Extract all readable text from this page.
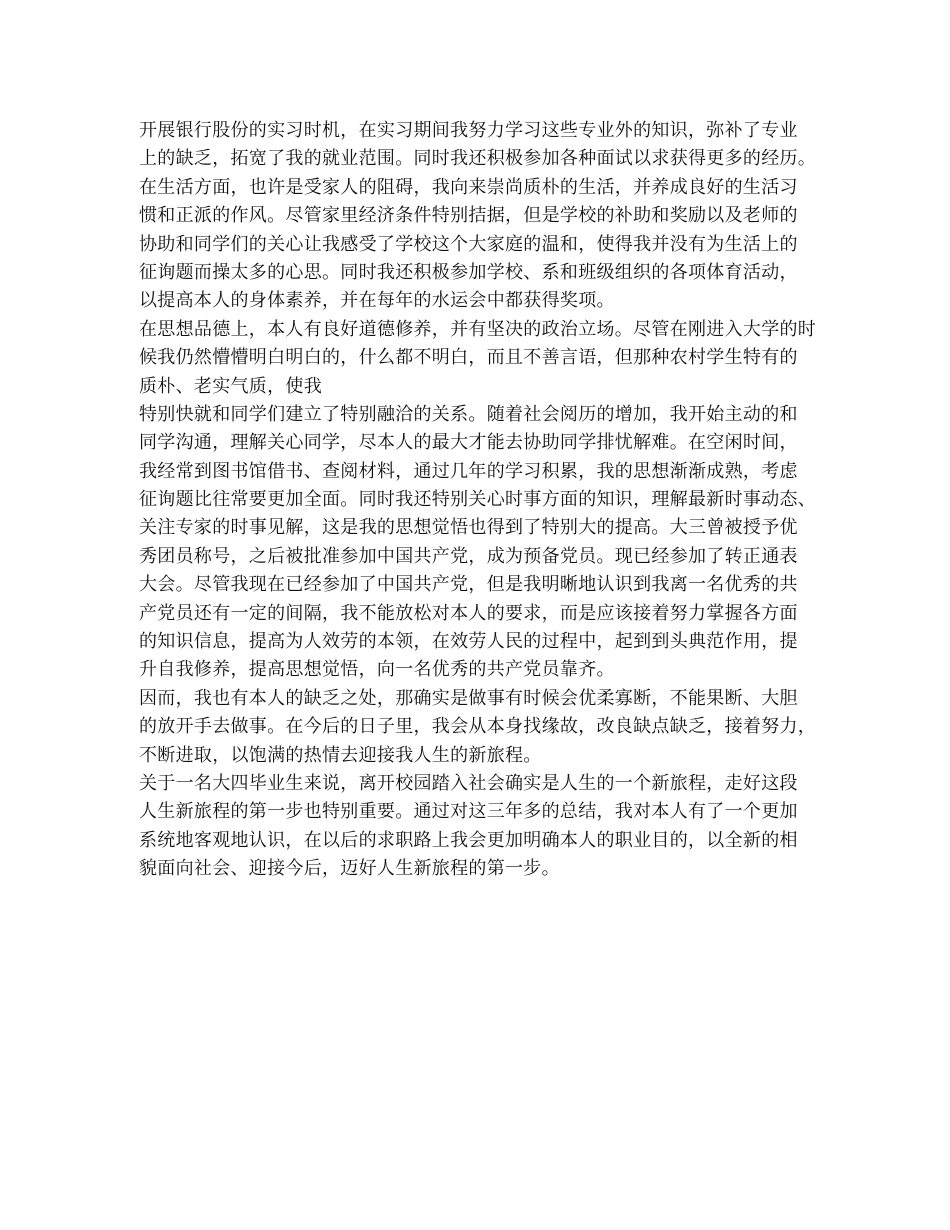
开展银行股份的实习时机，在实习期间我努力学习这些专业外的知识，弥补了专业
上的缺乏，拓宽了我的就业范围。同时我还积极参加各种面试以求获得更多的经历。
在生活方面，也许是受家人的阻碍，我向来崇尚质朴的生活，并养成良好的生活习
惯和正派的作风。尽管家里经济条件特别拮据，但是学校的补助和奖励以及老师的
协助和同学们的关心让我感受了学校这个大家庭的温和，使得我并没有为生活上的
征询题而操太多的心思。同时我还积极参加学校、系和班级组织的各项体育活动，
以提高本人的身体素养，并在每年的水运会中都获得奖项。
在思想品德上，本人有良好道德修养，并有坚决的政治立场。尽管在刚进入大学的时
候我仍然懵懵明白明白的，什么都不明白，而且不善言语，但那种农村学生特有的
质朴、老实气质，使我
特别快就和同学们建立了特别融洽的关系。随着社会阅历的增加，我开始主动的和
同学沟通，理解关心同学，尽本人的最大才能去协助同学排忧解难。在空闲时间，
我经常到图书馆借书、查阅材料，通过几年的学习积累，我的思想渐渐成熟，考虑
征询题比往常要更加全面。同时我还特别关心时事方面的知识，理解最新时事动态、
关注专家的时事见解，这是我的思想觉悟也得到了特别大的提高。大三曾被授予优
秀团员称号，之后被批准参加中国共产党，成为预备党员。现已经参加了转正通表
大会。尽管我现在已经参加了中国共产党，但是我明晰地认识到我离一名优秀的共
产党员还有一定的间隔，我不能放松对本人的要求，而是应该接着努力掌握各方面
的知识信息，提高为人效劳的本领，在效劳人民的过程中，起到到头典范作用，提
升自我修养，提高思想觉悟，向一名优秀的共产党员靠齐。
因而，我也有本人的缺乏之处，那确实是做事有时候会优柔寡断，不能果断、大胆
的放开手去做事。在今后的日子里，我会从本身找缘故，改良缺点缺乏，接着努力，
不断进取，以饱满的热情去迎接我人生的新旅程。
关于一名大四毕业生来说，离开校园踏入社会确实是人生的一个新旅程，走好这段
人生新旅程的第一步也特别重要。通过对这三年多的总结，我对本人有了一个更加
系统地客观地认识，在以后的求职路上我会更加明确本人的职业目的，以全新的相
貌面向社会、迎接今后，迈好人生新旅程的第一步。
